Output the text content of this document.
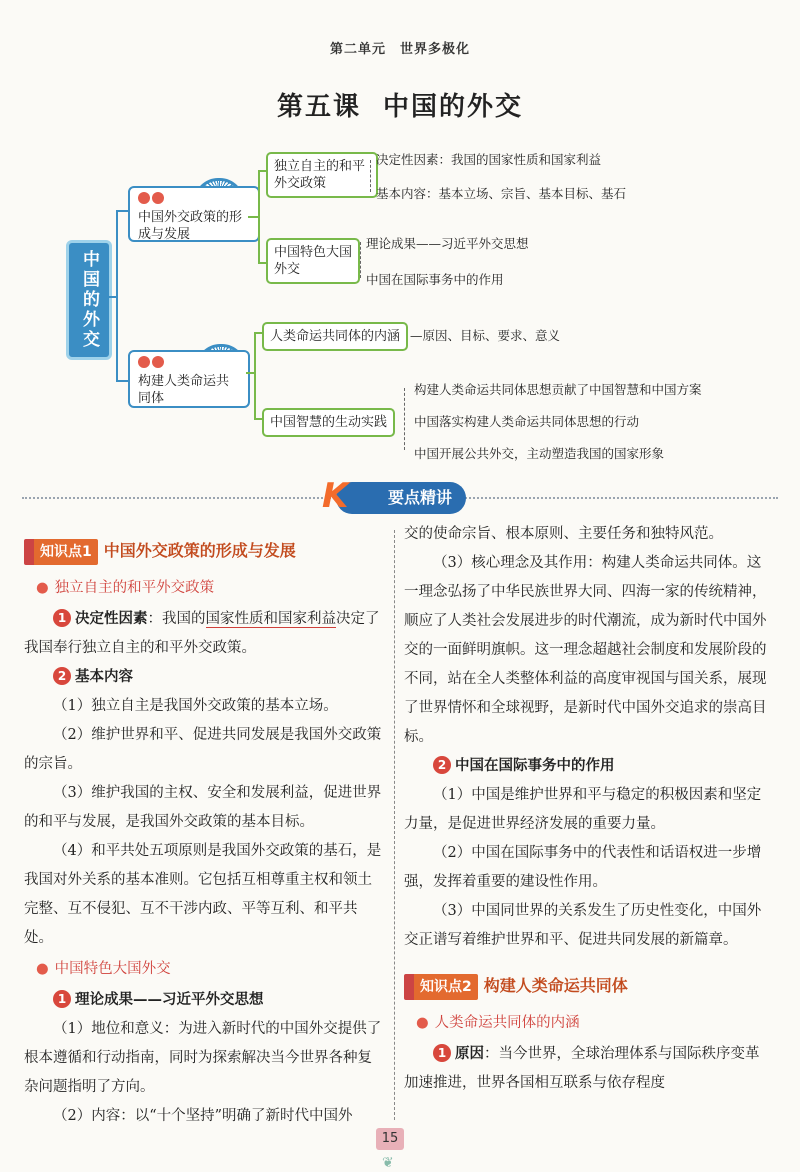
第二单元　世界多极化
第五课 中国的外交
中国的外交
中国外交政策的形成与发展
独立自主的和平外交政策
决定性因素：我国的国家性质和国家利益
基本内容：基本立场、宗旨、基本目标、基石
中国特色大国外交
理论成果——习近平外交思想
中国在国际事务中的作用
构建人类命运共同体
人类命运共同体的内涵 —原因、目标、要求、意义
中国智慧的生动实践
构建人类命运共同体思想贡献了中国智慧和中国方案
中国落实构建人类命运共同体思想的行动
中国开展公共外交，主动塑造我国的国家形象
要点精讲
K
知识点1 中国外交政策的形成与发展
● 独立自主的和平外交政策

1 决定性因素：我国的国家性质和国家利益决定了我国奉行独立自主的和平外交政策。

2 基本内容

（1）独立自主是我国外交政策的基本立场。

（2）维护世界和平、促进共同发展是我国外交政策的宗旨。

（3）维护我国的主权、安全和发展利益，促进世界的和平与发展，是我国外交政策的基本目标。

（4）和平共处五项原则是我国外交政策的基石，是我国对外关系的基本准则。它包括互相尊重主权和领土完整、互不侵犯、互不干涉内政、平等互利、和平共处。

● 中国特色大国外交

1 理论成果——习近平外交思想

（1）地位和意义：为进入新时代的中国外交提供了根本遵循和行动指南，同时为探索解决当今世界各种复杂问题指明了方向。

（2）内容：以“十个坚持”明确了新时代中国外

交的使命宗旨、根本原则、主要任务和独特风范。

（3）核心理念及其作用：构建人类命运共同体。这一理念弘扬了中华民族世界大同、四海一家的传统精神，顺应了人类社会发展进步的时代潮流，成为新时代中国外交的一面鲜明旗帜。这一理念超越社会制度和发展阶段的不同，站在全人类整体利益的高度审视国与国关系，展现了世界情怀和全球视野，是新时代中国外交追求的崇高目标。

2 中国在国际事务中的作用

（1）中国是维护世界和平与稳定的积极因素和坚定力量，是促进世界经济发展的重要力量。

（2）中国在国际事务中的代表性和话语权进一步增强，发挥着重要的建设性作用。

（3）中国同世界的关系发生了历史性变化，中国外交正谱写着维护世界和平、促进共同发展的新篇章。

知识点2 构建人类命运共同体
● 人类命运共同体的内涵

1 原因：当今世界，全球治理体系与国际秩序变革加速推进，世界各国相互联系与依存程度

15
❦
